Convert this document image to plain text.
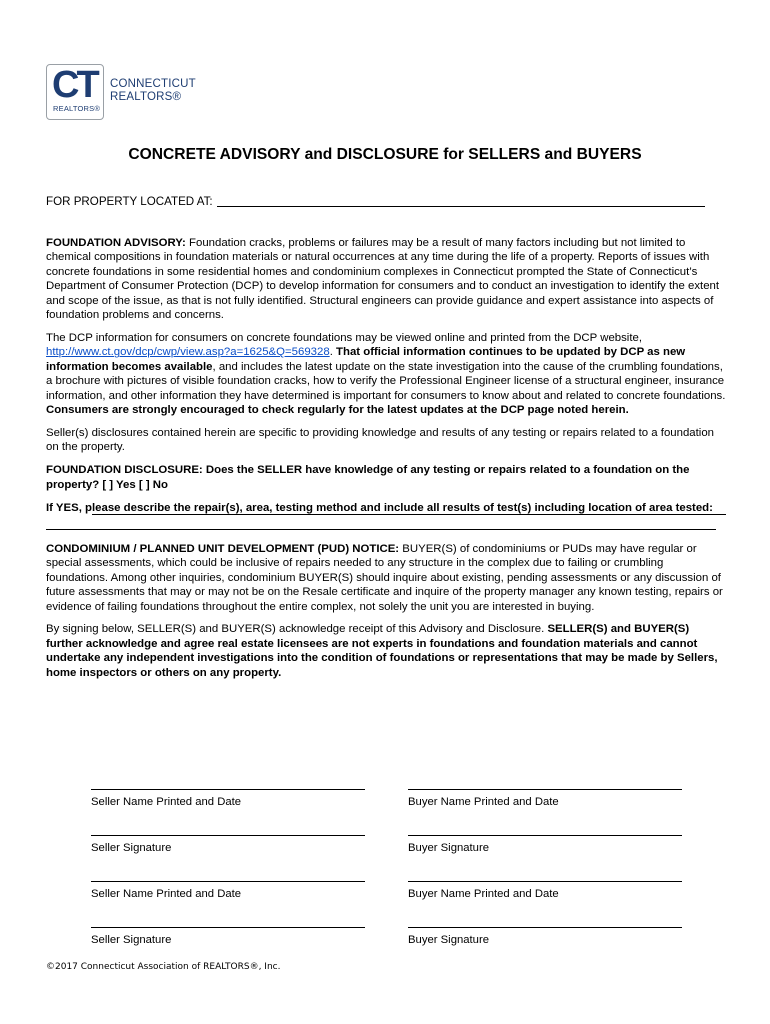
CT
REALTORS®
CONNECTICUT
REALTORS®
CONCRETE ADVISORY and DISCLOSURE for SELLERS and BUYERS
FOR PROPERTY LOCATED AT:

FOUNDATION ADVISORY: Foundation cracks, problems or failures may be a result of many factors including but not limited to chemical compositions in foundation materials or natural occurrences at any time during the life of a property. Reports of issues with concrete foundations in some residential homes and condominium complexes in Connecticut prompted the State of Connecticut’s Department of Consumer Protection (DCP) to develop information for consumers and to conduct an investigation to identify the extent and scope of the issue, as that is not fully identified. Structural engineers can provide guidance and expert assistance into aspects of foundation problems and concerns.

The DCP information for consumers on concrete foundations may be viewed online and printed from the DCP website, http://www.ct.gov/dcp/cwp/view.asp?a=1625&Q=569328. That official information continues to be updated by DCP as new information becomes available, and includes the latest update on the state investigation into the cause of the crumbling foundations, a brochure with pictures of visible foundation cracks, how to verify the Professional Engineer license of a structural engineer, insurance information, and other information they have determined is important for consumers to know about and related to concrete foundations. Consumers are strongly encouraged to check regularly for the latest updates at the DCP page noted herein.

Seller(s) disclosures contained herein are specific to providing knowledge and results of any testing or repairs related to a foundation on the property.

FOUNDATION DISCLOSURE: Does the SELLER have knowledge of any testing or repairs related to a foundation on the property? [ ] Yes [ ] No

If YES, please describe the repair(s), area, testing method and include all results of test(s) including location of area tested:

CONDOMINIUM / PLANNED UNIT DEVELOPMENT (PUD) NOTICE: BUYER(S) of condominiums or PUDs may have regular or special assessments, which could be inclusive of repairs needed to any structure in the complex due to failing or crumbling foundations. Among other inquiries, condominium BUYER(S) should inquire about existing, pending assessments or any discussion of future assessments that may or may not be on the Resale certificate and inquire of the property manager any known testing, repairs or evidence of failing foundations throughout the entire complex, not solely the unit you are interested in buying.

By signing below, SELLER(S) and BUYER(S) acknowledge receipt of this Advisory and Disclosure. SELLER(S) and BUYER(S) further acknowledge and agree real estate licensees are not experts in foundations and foundation materials and cannot undertake any independent investigations into the condition of foundations or representations that may be made by Sellers, home inspectors or others on any property.

Seller Name Printed and Date	Buyer Name Printed and Date
Seller Signature	Buyer Signature
Seller Name Printed and Date	Buyer Name Printed and Date
Seller Signature	Buyer Signature
©2017 Connecticut Association of REALTORS®, Inc.
